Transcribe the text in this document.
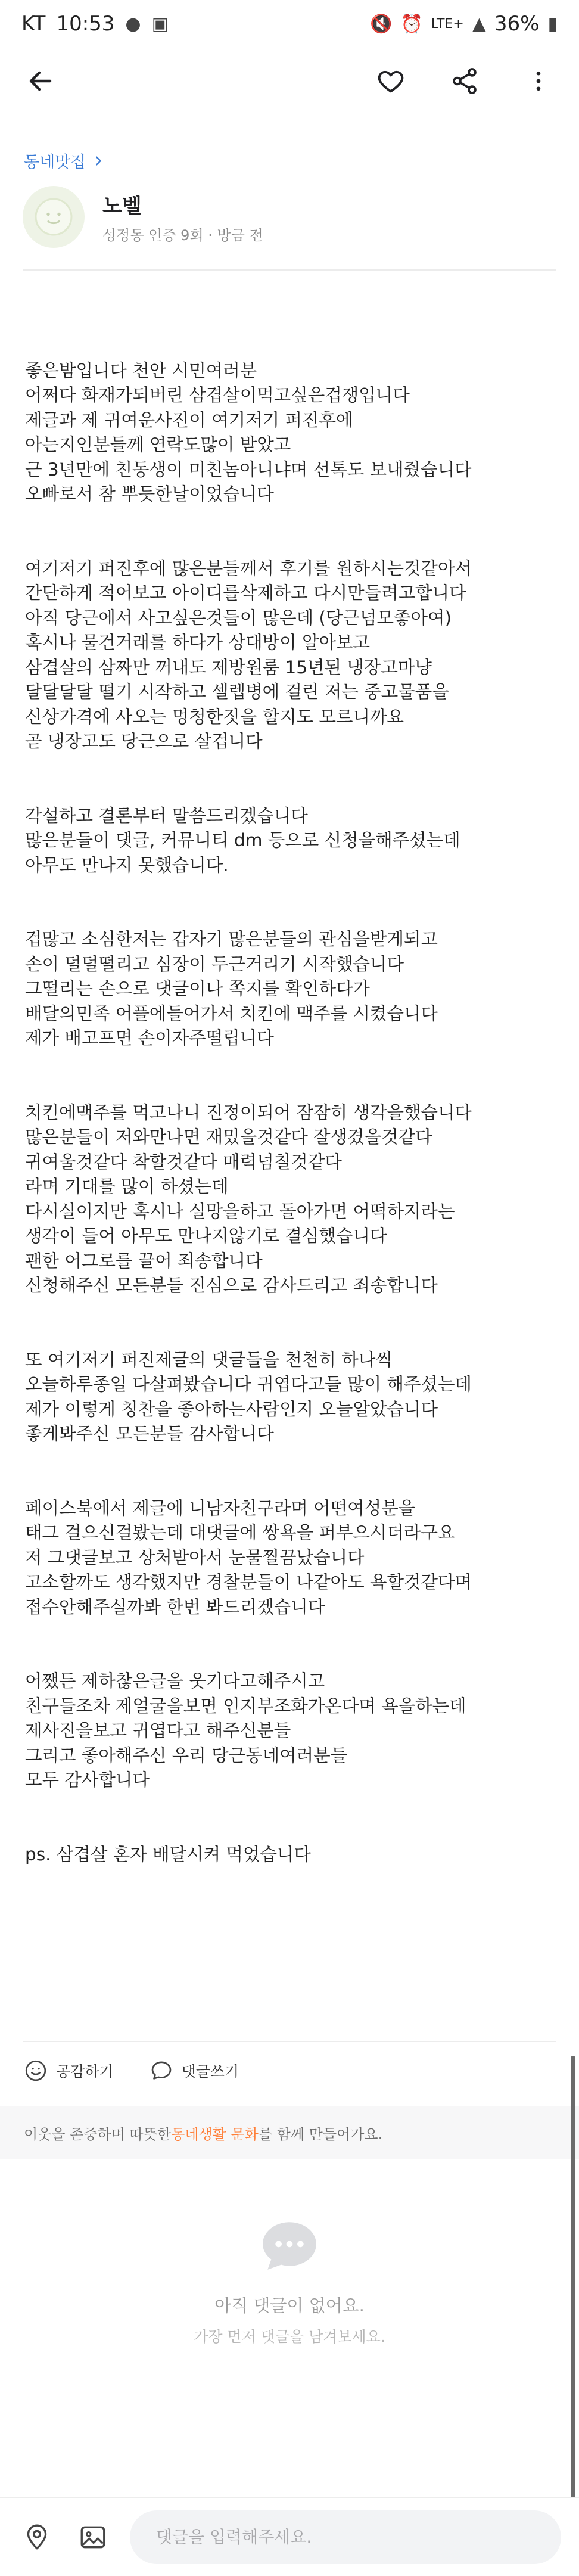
KT 10:53 ● ▣	🔇 ⏰ LTE+ ▲ 36% ▮
동네맛집
노벨
성정동 인증 9회 · 방금 전

좋은밤입니다 천안 시민여러분
어쩌다 화재가되버린 삼겹살이먹고싶은겁쟁입니다
제글과 제 귀여운사진이 여기저기 퍼진후에
아는지인분들께 연락도많이 받았고
근 3년만에 친동생이 미친놈아니냐며 선톡도 보내줬습니다
오빠로서 참 뿌듯한날이었습니다

여기저기 퍼진후에 많은분들께서 후기를 원하시는것같아서
간단하게 적어보고 아이디를삭제하고 다시만들려고합니다
아직 당근에서 사고싶은것들이 많은데 (당근넘모좋아여)
혹시나 물건거래를 하다가 상대방이 알아보고
삼겹살의 삼짜만 꺼내도 제방원룸 15년된 냉장고마냥
달달달달 떨기 시작하고 셀렙병에 걸린 저는 중고물품을
신상가격에 사오는 멍청한짓을 할지도 모르니까요
곧 냉장고도 당근으로 살겁니다

각설하고 결론부터 말씀드리겠습니다
많은분들이 댓글, 커뮤니티 dm 등으로 신청을해주셨는데
아무도 만나지 못했습니다.

겁많고 소심한저는 갑자기 많은분들의 관심을받게되고
손이 덜덜떨리고 심장이 두근거리기 시작했습니다
그떨리는 손으로 댓글이나 쪽지를 확인하다가
배달의민족 어플에들어가서 치킨에 맥주를 시켰습니다
제가 배고프면 손이자주떨립니다

치킨에맥주를 먹고나니 진정이되어 잠잠히 생각을했습니다
많은분들이 저와만나면 재밌을것같다 잘생겼을것같다
귀여울것같다 착할것같다 매력넘칠것같다
라며 기대를 많이 하셨는데
다시실이지만 혹시나 실망을하고 돌아가면 어떡하지라는
생각이 들어 아무도 만나지않기로 결심했습니다
괜한 어그로를 끌어 죄송합니다
신청해주신 모든분들 진심으로 감사드리고 죄송합니다

또 여기저기 퍼진제글의 댓글들을 천천히 하나씩
오늘하루종일 다살펴봤습니다 귀엽다고들 많이 해주셨는데
제가 이렇게 칭찬을 좋아하는사람인지 오늘알았습니다
좋게봐주신 모든분들 감사합니다

페이스북에서 제글에 니남자친구라며 어떤여성분을
태그 걸으신걸봤는데 대댓글에 쌍욕을 퍼부으시더라구요
저 그댓글보고 상처받아서 눈물찔끔났습니다
고소할까도 생각했지만 경찰분들이 나같아도 욕할것같다며
접수안해주실까봐 한번 봐드리겠습니다

어쨌든 제하찮은글을 웃기다고해주시고
친구들조차 제얼굴을보면 인지부조화가온다며 욕을하는데
제사진을보고 귀엽다고 해주신분들
그리고 좋아해주신 우리 당근동네여러분들
모두 감사합니다

ps. 삼겹살 혼자 배달시켜 먹었습니다

공감하기	댓글쓰기
이웃을 존중하며 따뜻한 동네생활 문화 를 함께 만들어가요.
아직 댓글이 없어요.
가장 먼저 댓글을 남겨보세요.
댓글을 입력해주세요.
